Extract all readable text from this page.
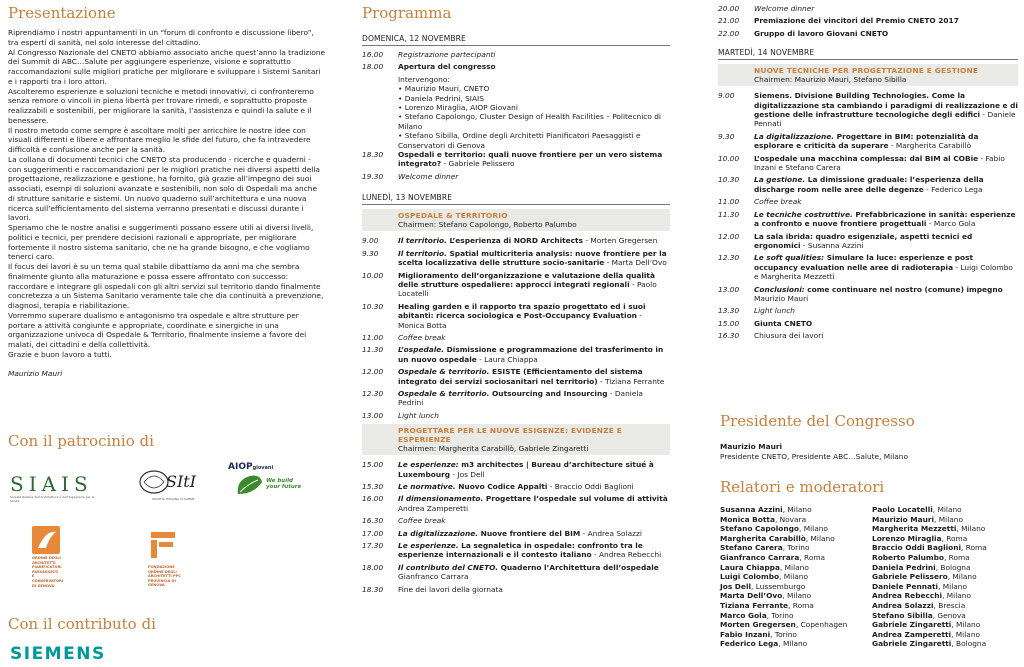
Presentazione

Riprendiamo i nostri appuntamenti in un “forum di confronto e discussione libero”, tra esperti di sanità, nel solo interesse del cittadino.

Al Congresso Nazionale del CNETO abbiamo associato anche quest’anno la tradizione dei Summit di ABC…Salute per aggiungere esperienze, visione e soprattutto raccomandazioni sulle migliori pratiche per migliorare e sviluppare i Sistemi Sanitari e i rapporti tra i loro attori.

Ascolteremo esperienze e soluzioni tecniche e metodi innovativi, ci confronteremo senza remore o vincoli in piena libertà per trovare rimedi, e soprattutto proposte realizzabili e sostenibili, per migliorare la sanità, l’assistenza e quindi la salute e il benessere.

Il nostro metodo come sempre è ascoltare molti per arricchire le nostre idee con visuali differenti e libere e affrontare meglio le sfide del futuro, che fa intravedere difficoltà e confusione anche per la sanità.

La collana di documenti tecnici che CNETO sta producendo - ricerche e quaderni - con suggerimenti e raccomandazioni per le migliori pratiche nei diversi aspetti della progettazione, realizzazione e gestione, ha fornito, già grazie all’impegno dei suoi associati, esempi di soluzioni avanzate e sostenibili, non solo di Ospedali ma anche di strutture sanitarie e sistemi. Un nuovo quaderno sull’architettura e una nuova ricerca sull’efficientamento del sistema verranno presentati e discussi durante i lavori.

Speriamo che le nostre analisi e suggerimenti possano essere utili ai diversi livelli, politici e tecnici, per prendere decisioni razionali e appropriate, per migliorare fortemente il nostro sistema sanitario, che ne ha grande bisogno, e che vogliamo tenerci caro.

Il focus dei lavori è su un tema qual stabile dibattiamo da anni ma che sembra finalmente giunto alla maturazione e possa essere affrontato con successo: raccordare e integrare gli ospedali con gli altri servizi sul territorio dando finalmente concretezza a un Sistema Sanitario veramente tale che dia continuità a prevenzione, diagnosi, terapia e riabilitazione.

Vorremmo superare dualismo e antagonismo tra ospedale e altre strutture per portare a attività congiunte e appropriate, coordinate e sinergiche in una organizzazione univoca di Ospedale & Territorio, finalmente insieme a favore dei malati, dei cittadini e della collettività.

Grazie e buon lavoro a tutti.

Maurizio Mauri
Con il patrocinio di
SIAIS
Società Italiana dell’Architettura e dell’Ingegneria per la Sanità
SItI
SOCIETÀ ITALIANA DI IGIENE
AIOPgiovani
We build
your future
ORDINE DEGLI
ARCHITETTI
PIANIFICATORI
PAESAGGISTI E
CONSERVATORI
DI GENOVA
FONDAZIONE
ORDINE DEGLI
ARCHITETTI PPC
PROVINCIA DI GENOVA
Con il contributo di
SIEMENS
Programma
DOMENICA, 12 NOVEMBRE
16.00	Registrazione partecipanti
18.00	Apertura del congresso
Intervengono:
• Maurizio Mauri, CNETO
• Daniela Pedrini, SIAIS
• Lorenzo Miraglia, AIOP Giovani
• Stefano Capolongo, Cluster Design of Health Facilities – Politecnico di Milano
• Stefano Sibilla, Ordine degli Architetti Pianificatori Paesaggisti e Conservatori di Genova
18.30	Ospedali e territorio: quali nuove frontiere per un vero sistema integrato? - Gabriele Pelissero
19.30	Welcome dinner
LUNEDÌ, 13 NOVEMBRE
OSPEDALE & TERRITORIO
Chairmen: Stefano Capolongo, Roberto Palumbo
9.00	Il territorio. L’esperienza di NORD Architects - Morten Gregersen
9.30	Il territorio. Spatial multicriteria analysis: nuove frontiere per la scelta localizzativa delle strutture socio-sanitarie - Marta Dell’Ovo
10.00	Miglioramento dell’organizzazione e valutazione della qualità delle strutture ospedaliere: approcci integrati regionali - Paolo Locatelli
10.30	Healing garden e il rapporto tra spazio progettato ed i suoi abitanti: ricerca sociologica e Post-Occupancy Evaluation - Monica Botta
11.00	Coffee break
11.30	L’ospedale. Dismissione e programmazione del trasferimento in un nuovo ospedale - Laura Chiappa
12.00	Ospedale & territorio. ESISTE (Efficientamento del sistema integrato dei servizi sociosanitari nel territorio) - Tiziana Ferrante
12.30	Ospedale & territorio. Outsourcing and Insourcing - Daniela Pedrini
13.00	Light lunch
PROGETTARE PER LE NUOVE ESIGENZE: EVIDENZE E ESPERIENZE
Chairmen: Margherita Carabillò, Gabriele Zingaretti
15.00	Le esperienze: m3 architectes | Bureau d’architecture situé à Luxembourg - Jos Dell
15.30	Le normative. Nuovo Codice Appalti - Braccio Oddi Baglioni
16.00	Il dimensionamento. Progettare l’ospedale sul volume di attività Andrea Zamperetti
16.30	Coffee break
17.00	La digitalizzazione. Nuove frontiere del BIM - Andrea Solazzi
17.30	Le esperienze. La segnaletica in ospedale: confronto tra le esperienze internazionali e il contesto italiano - Andrea Rebecchi
18.00	Il contributo del CNETO. Quaderno l’Architettura dell’ospedale Gianfranco Carrara
18.30	Fine dei lavori della giornata
20.00	Welcome dinner
21.00	Premiazione dei vincitori del Premio CNETO 2017
22.00	Gruppo di lavoro Giovani CNETO
MARTEDÌ, 14 NOVEMBRE
NUOVE TECNICHE PER PROGETTAZIONE E GESTIONE
Chairmen: Maurizio Mauri, Stefano Sibilla
9.00	Siemens. Divisione Building Technologies. Come la digitalizzazione sta cambiando i paradigmi di realizzazione e di gestione delle infrastrutture tecnologiche degli edifici - Daniele Pennati
9.30	La digitalizzazione. Progettare in BIM: potenzialità da esplorare e criticità da superare - Margherita Carabillò
10.00	L’ospedale una macchina complessa: dal BIM al COBie - Fabio Inzani e Stefano Carera
10.30	La gestione. La dimissione graduale: l’esperienza della discharge room nelle aree delle degenze - Federico Lega
11.00	Coffee break
11.30	Le tecniche costruttive. Prefabbricazione in sanità: esperienze a confronto e nuove frontiere progettuali - Marco Gola
12.00	La sala ibrida: quadro esigenziale, aspetti tecnici ed ergonomici - Susanna Azzini
12.30	Le soft qualities: Simulare la luce: esperienze e post occupancy evaluation nelle aree di radioterapia - Luigi Colombo e Margherita Mezzetti
13.00	Conclusioni: come continuare nel nostro (comune) impegno Maurizio Mauri
13.30	Light lunch
15.00	Giunta CNETO
16.30	Chiusura dei lavori
Presidente del Congresso
Maurizio Mauri
Presidente CNETO, Presidente ABC…Salute, Milano
Relatori e moderatori
Susanna Azzini, Milano
Monica Botta, Novara
Stefano Capolongo, Milano
Margherita Carabillò, Milano
Stefano Carera, Torino
Gianfranco Carrara, Roma
Laura Chiappa, Milano
Luigi Colombo, Milano
Jos Dell, Lussemburgo
Marta Dell’Ovo, Milano
Tiziana Ferrante, Roma
Marco Gola, Torino
Morten Gregersen, Copenhagen
Fabio Inzani, Torino
Federico Lega, Milano
Paolo Locatelli, Milano
Maurizio Mauri, Milano
Margherita Mezzetti, Milano
Lorenzo Miraglia, Roma
Braccio Oddi Baglioni, Roma
Roberto Palumbo, Roma
Daniela Pedrini, Bologna
Gabriele Pelissero, Milano
Daniele Pennati, Milano
Andrea Rebecchi, Milano
Andrea Solazzi, Brescia
Stefano Sibilla, Genova
Gabriele Zingaretti, Milano
Andrea Zamperetti, Milano
Gabriele Zingaretti, Bologna
